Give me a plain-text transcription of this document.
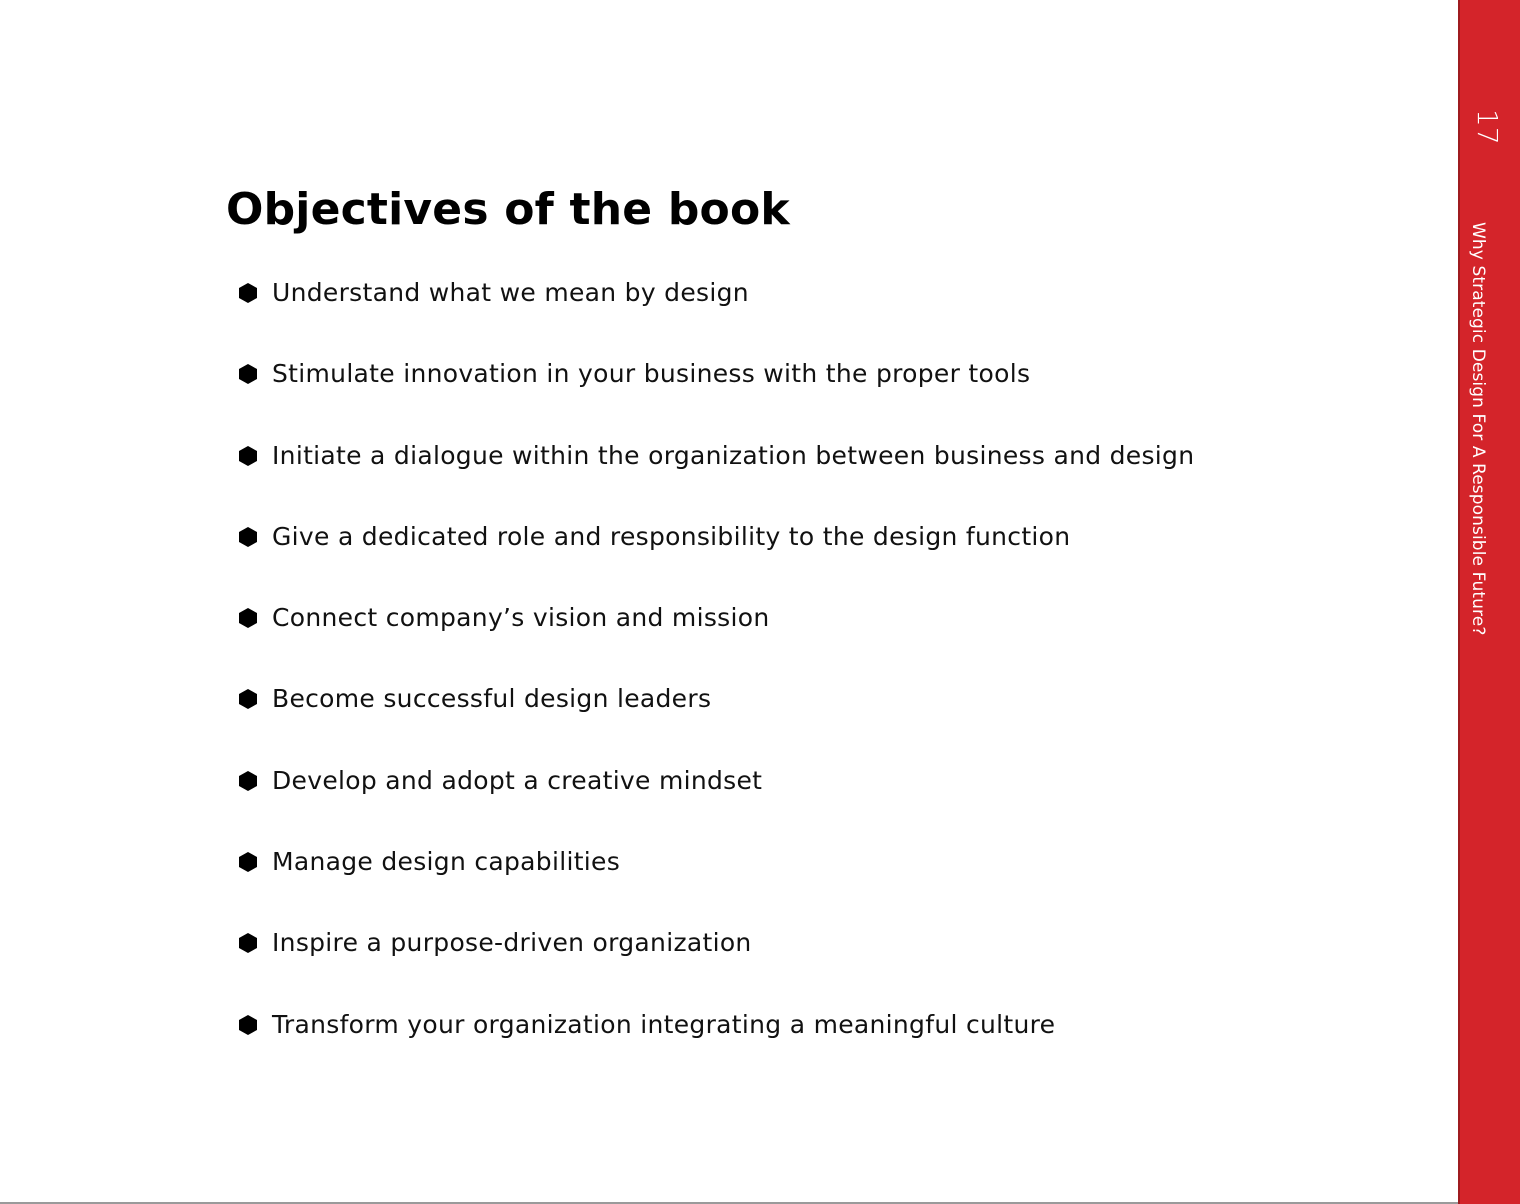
Objectives of the book
Understand what we mean by design
Stimulate innovation in your business with the proper tools
Initiate a dialogue within the organization between business and design
Give a dedicated role and responsibility to the design function
Connect company’s vision and mission
Become successful design leaders
Develop and adopt a creative mindset
Manage design capabilities
Inspire a purpose-driven organization
Transform your organization integrating a meaningful culture
17
Why Strategic Design For A Responsible Future?
